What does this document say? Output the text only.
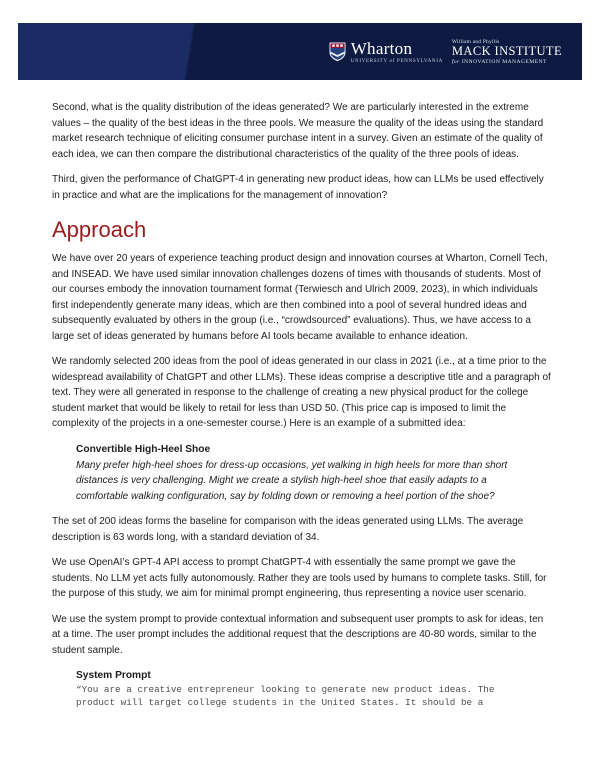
Wharton
UNIVERSITY of PENNSYLVANIA
William and Phyllis
MACK INSTITUTE
for INNOVATION MANAGEMENT

Second, what is the quality distribution of the ideas generated? We are particularly interested in the extreme values – the quality of the best ideas in the three pools. We measure the quality of the ideas using the standard market research technique of eliciting consumer purchase intent in a survey. Given an estimate of the quality of each idea, we can then compare the distributional characteristics of the quality of the three pools of ideas.

Third, given the performance of ChatGPT-4 in generating new product ideas, how can LLMs be used effectively in practice and what are the implications for the management of innovation?

Approach

We have over 20 years of experience teaching product design and innovation courses at Wharton, Cornell Tech, and INSEAD. We have used similar innovation challenges dozens of times with thousands of students. Most of our courses embody the innovation tournament format (Terwiesch and Ulrich 2009, 2023), in which individuals first independently generate many ideas, which are then combined into a pool of several hundred ideas and subsequently evaluated by others in the group (i.e., “crowdsourced” evaluations). Thus, we have access to a large set of ideas generated by humans before AI tools became available to enhance ideation.

We randomly selected 200 ideas from the pool of ideas generated in our class in 2021 (i.e., at a time prior to the widespread availability of ChatGPT and other LLMs). These ideas comprise a descriptive title and a paragraph of text. They were all generated in response to the challenge of creating a new physical product for the college student market that would be likely to retail for less than USD 50. (This price cap is imposed to limit the complexity of the projects in a one-semester course.) Here is an example of a submitted idea:

Convertible High-Heel Shoe
Many prefer high-heel shoes for dress-up occasions, yet walking in high heels for more than short distances is very challenging. Might we create a stylish high-heel shoe that easily adapts to a comfortable walking configuration, say by folding down or removing a heel portion of the shoe?

The set of 200 ideas forms the baseline for comparison with the ideas generated using LLMs. The average description is 63 words long, with a standard deviation of 34.

We use OpenAI’s GPT-4 API access to prompt ChatGPT-4 with essentially the same prompt we gave the students. No LLM yet acts fully autonomously. Rather they are tools used by humans to complete tasks. Still, for the purpose of this study, we aim for minimal prompt engineering, thus representing a novice user scenario.

We use the system prompt to provide contextual information and subsequent user prompts to ask for ideas, ten at a time. The user prompt includes the additional request that the descriptions are 40-80 words, similar to the student sample.

System Prompt
“You are a creative entrepreneur looking to generate new product ideas. The
product will target college students in the United States. It should be a
